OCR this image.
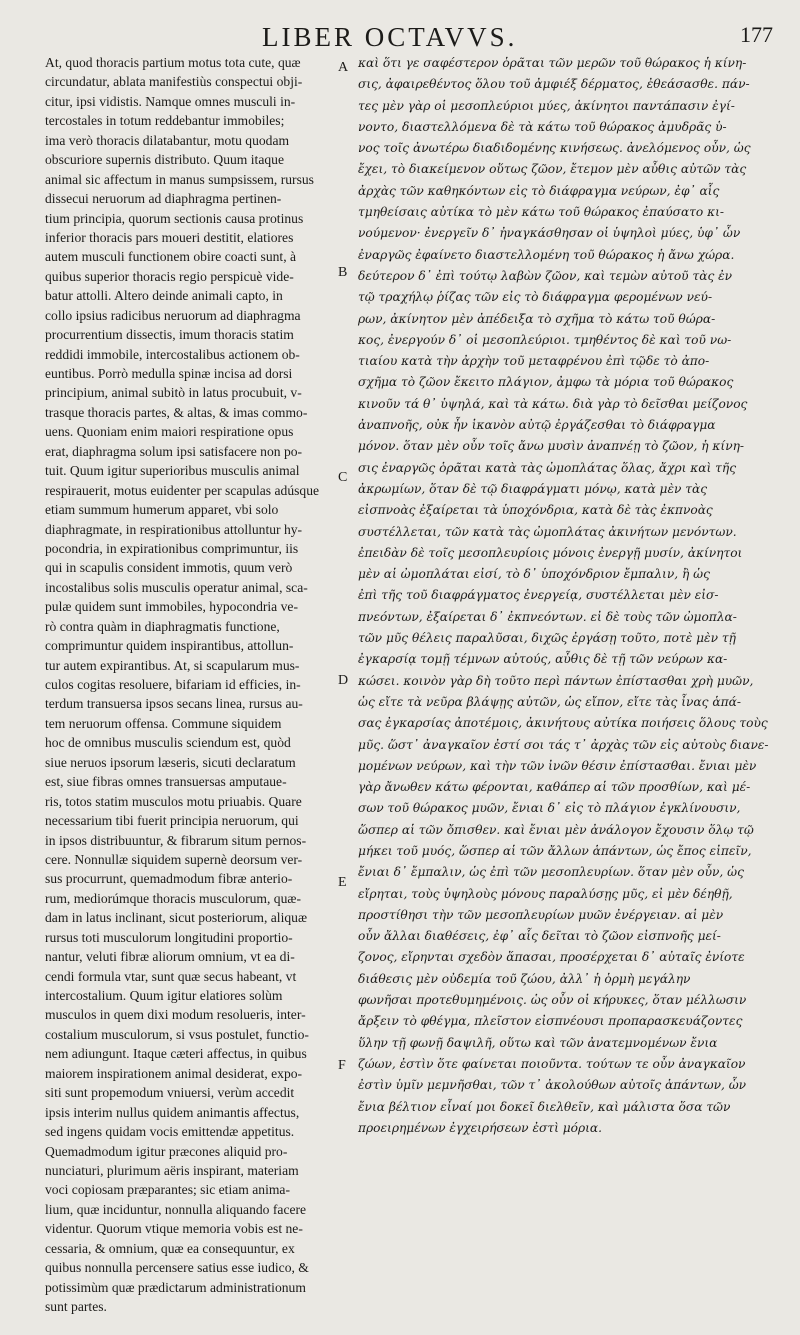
LIBER OCTAVVS.	177
At, quod thoracis partium motus tota cute, quæ
circundatur, ablata manifestiùs conspectui obji-
citur, ipsi vidistis. Namque omnes musculi in-
tercostales in totum reddebantur immobiles;
ima verò thoracis dilatabantur, motu quodam
obscuriore supernis distributo. Quum itaque
animal sic affectum in manus sumpsissem, rursus
dissecui neruorum ad diaphragma pertinen-
tium principia, quorum sectionis causa protinus
inferior thoracis pars moueri destitit, elatiores
autem musculi functionem obire coacti sunt, à
quibus superior thoracis regio perspicuè vide-
batur attolli. Altero deinde animali capto, in
collo ipsius radicibus neruorum ad diaphragma
procurrentium dissectis, imum thoracis statim
reddidi immobile, intercostalibus actionem ob-
euntibus. Porrò medulla spinæ incisa ad dorsi
principium, animal subitò in latus procubuit, v-
trasque thoracis partes, & altas, & imas commo-
uens. Quoniam enim maiori respiratione opus
erat, diaphragma solum ipsi satisfacere non po-
tuit. Quum igitur superioribus musculis animal
respirauerit, motus euidenter per scapulas adúsque
etiam summum humerum apparet, vbi solo
diaphragmate, in respirationibus attolluntur hy-
pocondria, in expirationibus comprimuntur, iis
qui in scapulis consident immotis, quum verò
incostalibus solis musculis operatur animal, sca-
pulæ quidem sunt immobiles, hypocondria ve-
rò contra quàm in diaphragmatis functione,
comprimuntur quidem inspirantibus, attollun-
tur autem expirantibus. At, si scapularum mus-
culos cogitas resoluere, bifariam id efficies, in-
terdum transuersa ipsos secans linea, rursus au-
tem neruorum offensa. Commune siquidem
hoc de omnibus musculis sciendum est, quòd
siue neruos ipsorum læseris, sicuti declaratum
est, siue fibras omnes transuersas amputaue-
ris, totos statim musculos motu priuabis. Quare
necessarium tibi fuerit principia neruorum, qui
in ipsos distribuuntur, & fibrarum situm pernos-
cere. Nonnullæ siquidem supernè deorsum ver-
sus procurrunt, quemadmodum fibræ anterio-
rum, mediorúmque thoracis musculorum, quæ-
dam in latus inclinant, sicut posteriorum, aliquæ
rursus toti musculorum longitudini proportio-
nantur, veluti fibræ aliorum omnium, vt ea di-
cendi formula vtar, sunt quæ secus habeant, vt
intercostalium. Quum igitur elatiores solùm
musculos in quem dixi modum resolueris, inter-
costalium musculorum, si vsus postulet, functio-
nem adiungunt. Itaque cæteri affectus, in quibus
maiorem inspirationem animal desiderat, expo-
siti sunt propemodum vniuersi, verùm accedit
ipsis interim nullus quidem animantis affectus,
sed ingens quidam vocis emittendæ appetitus.
Quemadmodum igitur præcones aliquid pro-
nunciaturi, plurimum aëris inspirant, materiam
voci copiosam præparantes; sic etiam anima-
lium, quæ inciduntur, nonnulla aliquando facere
videntur. Quorum vtique memoria vobis est ne-
cessaria, & omnium, quæ ea consequuntur, ex
quibus nonnulla percensere satius esse iudico, &
potissimùm quæ prædictarum administrationum
sunt partes.
A
B
C
D
E
F
καὶ ὅτι γε σαφέστερον ὁρᾶται τῶν μερῶν τοῦ θώρακος ἡ κίνη-
σις, ἀφαιρεθέντος ὅλου τοῦ ἀμφιέξ δέρματος, ἐθεάσασθε. πάν-
τες μὲν γὰρ οἱ μεσοπλεύριοι μύες, ἀκίνητοι παντάπασιν ἐγί-
νοντο, διαστελλόμενα δὲ τὰ κάτω τοῦ θώρακος ἀμυδρᾶς ὑ-
νος τοῖς ἀνωτέρω διαδιδομένης κινήσεως. ἀνελόμενος οὖν, ὡς
ἔχει, τὸ διακείμενον οὕτως ζῶον, ἔτεμον μὲν αὖθις αὐτῶν τὰς
ἀρχὰς τῶν καθηκόντων εἰς τὸ διάφραγμα νεύρων, ἐφ᾽ αἷς
τμηθείσαις αὐτίκα τὸ μὲν κάτω τοῦ θώρακος ἐπαύσατο κι-
νούμενον· ἐνεργεῖν δ᾽ ἠναγκάσθησαν οἱ ὑψηλοὶ μύες, ὑφ᾽ ὧν
ἐναργῶς ἐφαίνετο διαστελλομένη τοῦ θώρακος ἡ ἄνω χώρα.
δεύτερον δ᾽ ἐπὶ τούτῳ λαβὼν ζῶον, καὶ τεμὼν αὐτοῦ τὰς ἐν
τῷ τραχήλῳ ῥίζας τῶν εἰς τὸ διάφραγμα φερομένων νεύ-
ρων, ἀκίνητον μὲν ἀπέδειξα τὸ σχῆμα τὸ κάτω τοῦ θώρα-
κος, ἐνεργούν δ᾽ οἱ μεσοπλεύριοι. τμηθέντος δὲ καὶ τοῦ νω-
τιαίου κατὰ τὴν ἀρχὴν τοῦ μεταφρένου ἐπὶ τῷδε τὸ ἀπο-
σχῆμα τὸ ζῶον ἔκειτο πλάγιον, ἀμφω τὰ μόρια τοῦ θώρακος
κινοῦν τά θ᾽ ὑψηλά, καὶ τὰ κάτω. διὰ γὰρ τὸ δεῖσθαι μείζονος
ἀναπνοῆς, οὐκ ἦν ἱκανὸν αὐτῷ ἐργάζεσθαι τὸ διάφραγμα
μόνον. ὅταν μὲν οὖν τοῖς ἄνω μυσὶν ἀναπνέῃ τὸ ζῶον, ἡ κίνη-
σις ἐναργῶς ὁρᾶται κατὰ τὰς ὠμοπλάτας ὅλας, ἄχρι καὶ τῆς
ἀκρωμίων, ὅταν δὲ τῷ διαφράγματι μόνῳ, κατὰ μὲν τὰς
εἰσπνοὰς ἐξαίρεται τὰ ὑποχόνδρια, κατὰ δὲ τὰς ἐκπνοὰς
συστέλλεται, τῶν κατὰ τὰς ὠμοπλάτας ἀκινήτων μενόντων.
ἐπειδὰν δὲ τοῖς μεσοπλευρίοις μόνοις ἐνεργῇ μυσίν, ἀκίνητοι
μὲν αἱ ὠμοπλάται εἰσί, τὸ δ᾽ ὑποχόνδριον ἔμπαλιν, ἢ ὡς
ἐπὶ τῆς τοῦ διαφράγματος ἐνεργείᾳ, συστέλλεται μὲν εἰσ-
πνεόντων, ἐξαίρεται δ᾽ ἐκπνεόντων. εἰ δὲ τοὺς τῶν ὠμοπλα-
τῶν μῦς θέλεις παραλῦσαι, διχῶς ἐργάσῃ τοῦτο, ποτὲ μὲν τῇ
ἐγκαρσίᾳ τομῇ τέμνων αὐτούς, αὖθις δὲ τῇ τῶν νεύρων κα-
κώσει. κοινὸν γὰρ δὴ τοῦτο περὶ πάντων ἐπίστασθαι χρὴ μυῶν,
ὡς εἴτε τὰ νεῦρα βλάψῃς αὐτῶν, ὡς εἴπον, εἴτε τὰς ἶνας ἁπά-
σας ἐγκαρσίας ἀποτέμοις, ἀκινήτους αὐτίκα ποιήσεις ὅλους τοὺς
μῦς. ὥστ᾽ ἀναγκαῖον ἐστί σοι τάς τ᾽ ἀρχὰς τῶν εἰς αὐτοὺς διανε-
μομένων νεύρων, καὶ τὴν τῶν ἰνῶν θέσιν ἐπίστασθαι. ἔνιαι μὲν
γὰρ ἄνωθεν κάτω φέρονται, καθάπερ αἱ τῶν προσθίων, καὶ μέ-
σων τοῦ θώρακος μυῶν, ἔνιαι δ᾽ εἰς τὸ πλάγιον ἐγκλίνουσιν,
ὥσπερ αἱ τῶν ὄπισθεν. καὶ ἔνιαι μὲν ἀνάλογον ἔχουσιν ὅλῳ τῷ
μήκει τοῦ μυός, ὥσπερ αἱ τῶν ἄλλων ἁπάντων, ὡς ἔπος εἰπεῖν,
ἔνιαι δ᾽ ἔμπαλιν, ὡς ἐπὶ τῶν μεσοπλευρίων. ὅταν μὲν οὖν, ὡς
εἴρηται, τοὺς ὑψηλοὺς μόνους παραλύσῃς μῦς, εἰ μὲν δέηθῇ,
προστίθησι τὴν τῶν μεσοπλευρίων μυῶν ἐνέργειαν. αἱ μὲν
οὖν ἄλλαι διαθέσεις, ἐφ᾽ αἷς δεῖται τὸ ζῶον εἰσπνοῆς μεί-
ζονος, εἴρηνται σχεδὸν ἅπασαι, προσέρχεται δ᾽ αὐταῖς ἐνίοτε
διάθεσις μὲν οὐδεμία τοῦ ζώου, ἀλλ᾽ ἡ ὁρμὴ μεγάλην
φωνῆσαι προτεθυμημένοις. ὡς οὖν οἱ κήρυκες, ὅταν μέλλωσιν
ἄρξειν τὸ φθέγμα, πλεῖστον εἰσπνέουσι προπαρασκευάζοντες
ὕλην τῇ φωνῇ δαψιλῆ, οὕτω καὶ τῶν ἀνατεμνομένων ἔνια
ζώων, ἐστὶν ὅτε φαίνεται ποιοῦντα. τούτων τε οὖν ἀναγκαῖον
ἐστὶν ὑμῖν μεμνῆσθαι, τῶν τ᾽ ἀκολούθων αὐτοῖς ἁπάντων, ὧν
ἔνια βέλτιον εἶναί μοι δοκεῖ διελθεῖν, καὶ μάλιστα ὅσα τῶν
προειρημένων ἐγχειρήσεων ἐστὶ μόρια.
